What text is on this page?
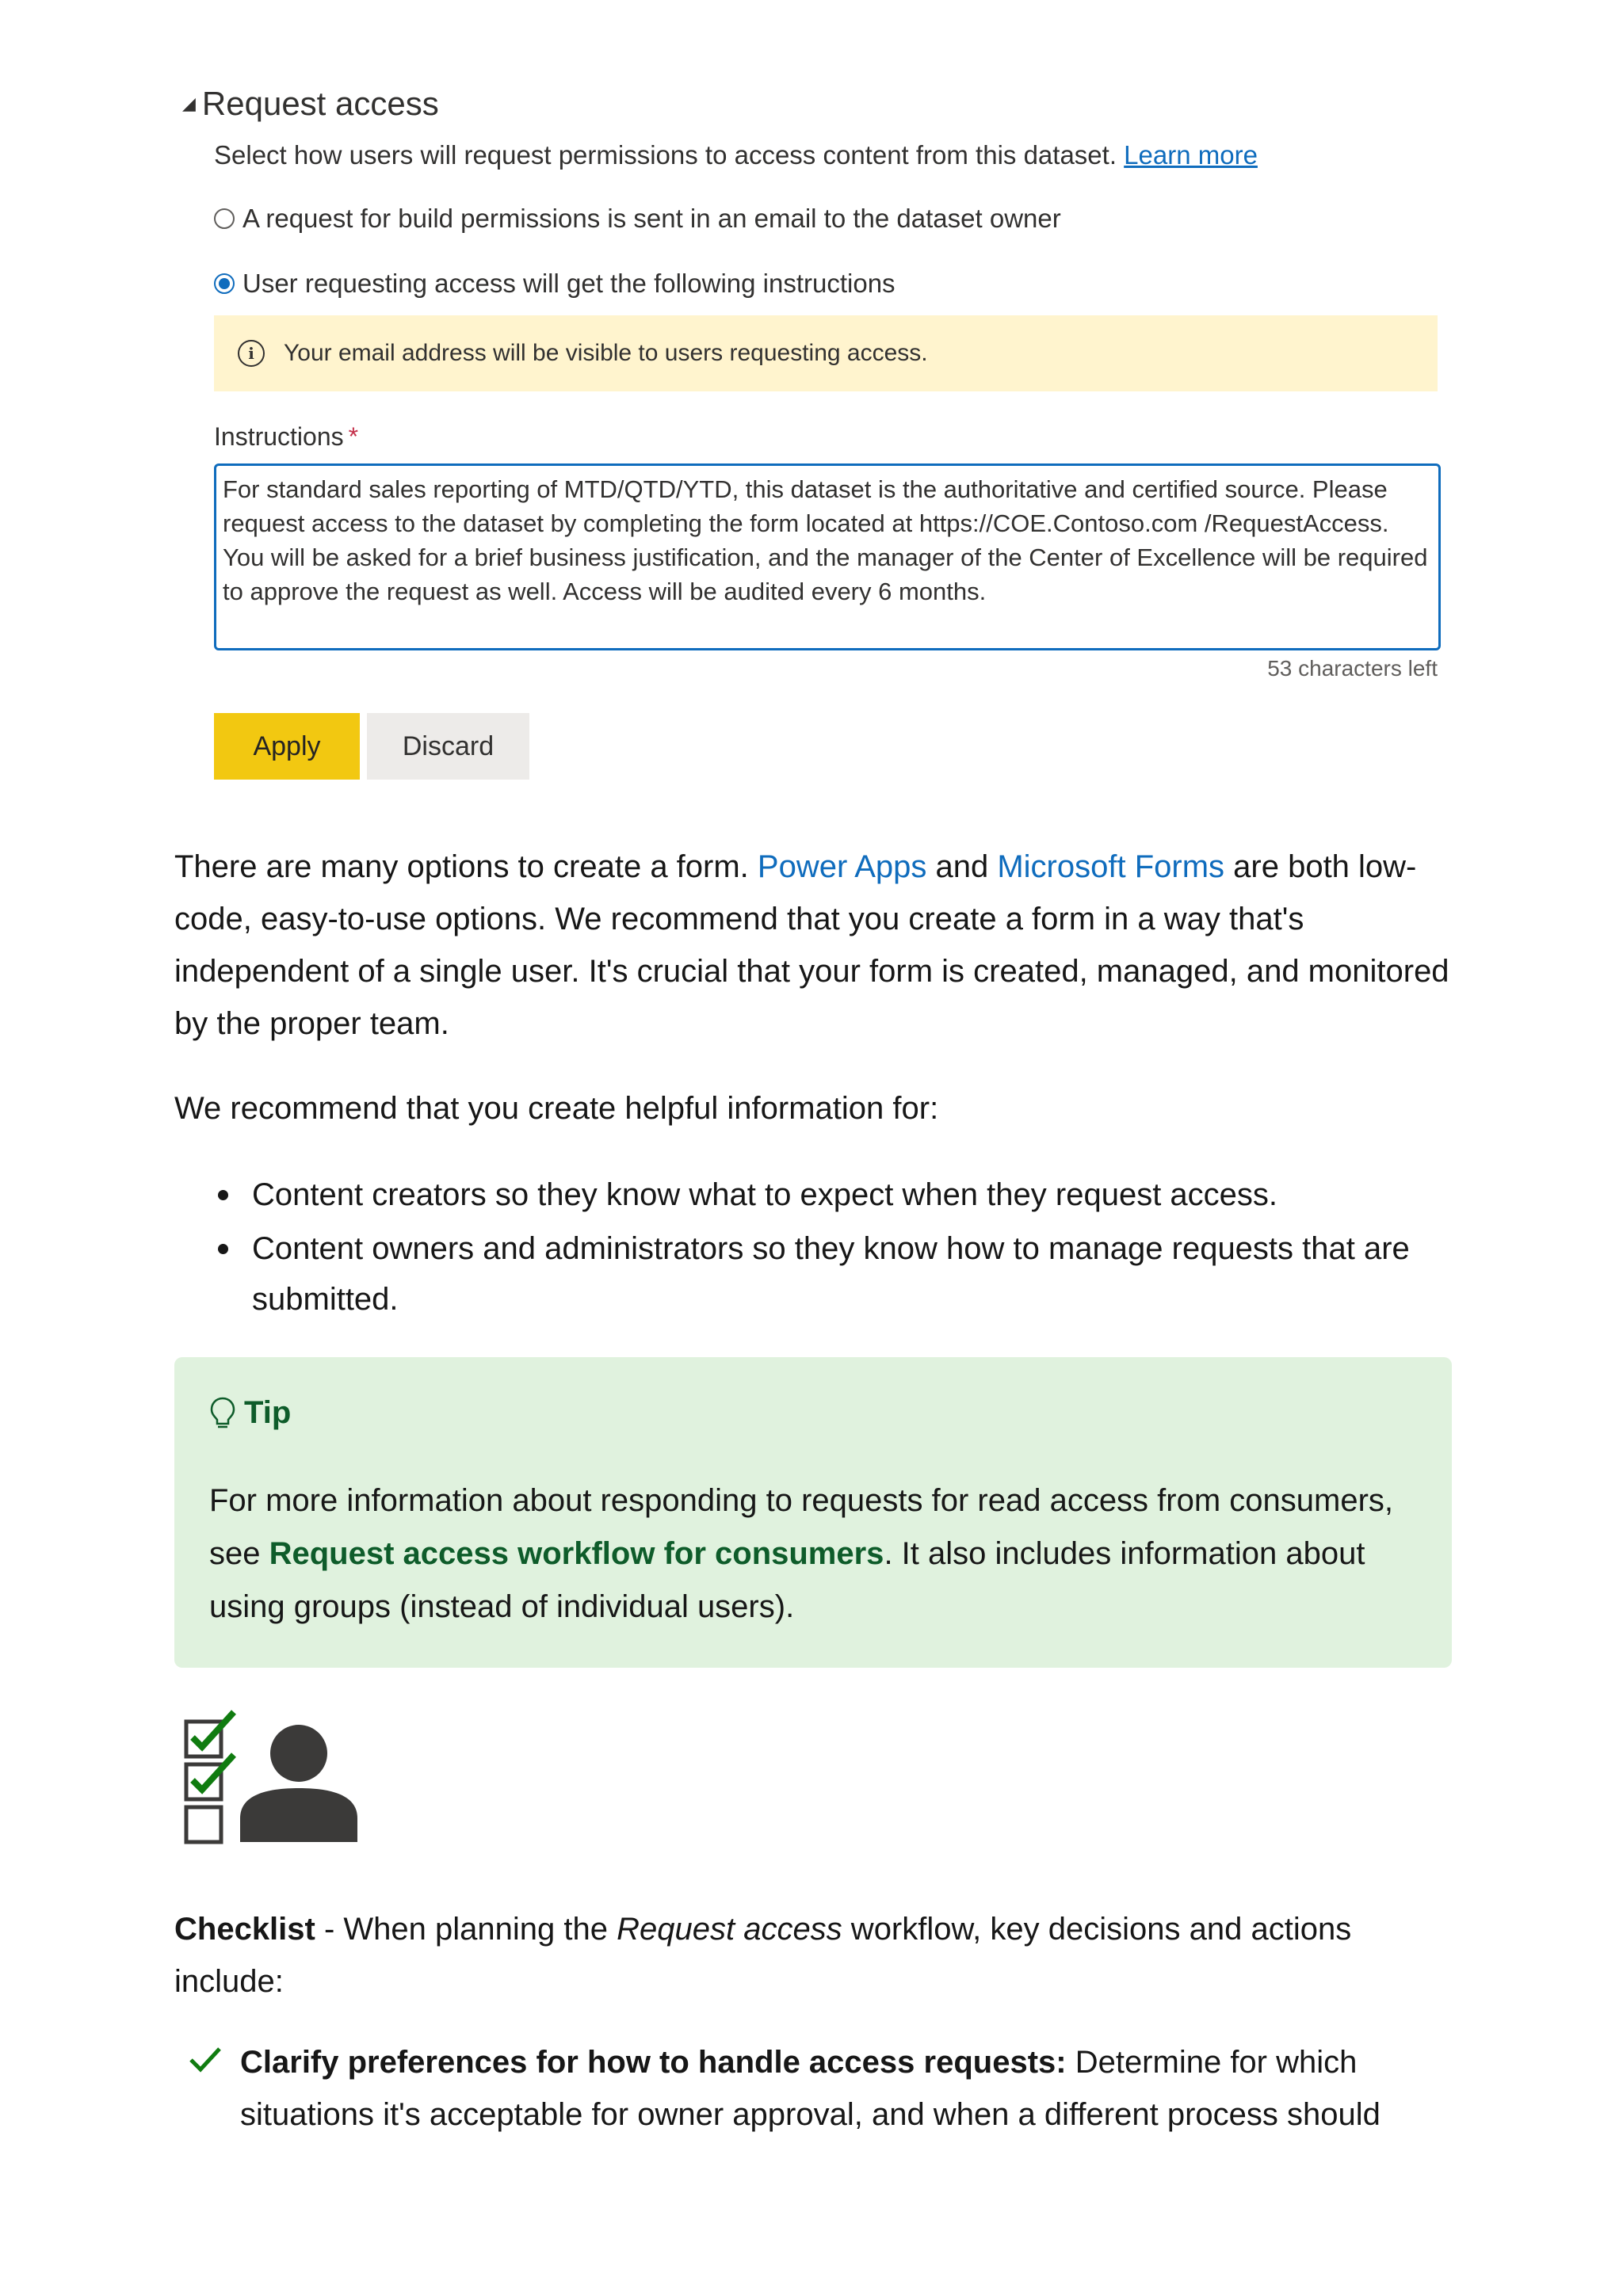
◢ Request access
Select how users will request permissions to access content from this dataset. Learn more
A request for build permissions is sent in an email to the dataset owner
User requesting access will get the following instructions
i	Your email address will be visible to users requesting access.
Instructions *
For standard sales reporting of MTD/QTD/YTD, this dataset is the authoritative and certified source. Please request access to the dataset by completing the form located at https://COE.Contoso.com /RequestAccess. You will be asked for a brief business justification, and the manager of the Center of Excellence will be required to approve the request as well. Access will be audited every 6 months.
53 characters left
Apply	Discard

There are many options to create a form. Power Apps and Microsoft Forms are both low-code, easy-to-use options. We recommend that you create a form in a way that's independent of a single user. It's crucial that your form is created, managed, and monitored by the proper team.

We recommend that you create helpful information for:

Content creators so they know what to expect when they request access.
Content owners and administrators so they know how to manage requests that are submitted.
Tip
For more information about responding to requests for read access from consumers, see Request access workflow for consumers. It also includes information about using groups (instead of individual users).

Checklist - When planning the Request access workflow, key decisions and actions include:

Clarify preferences for how to handle access requests: Determine for which situations it's acceptable for owner approval, and when a different process should
